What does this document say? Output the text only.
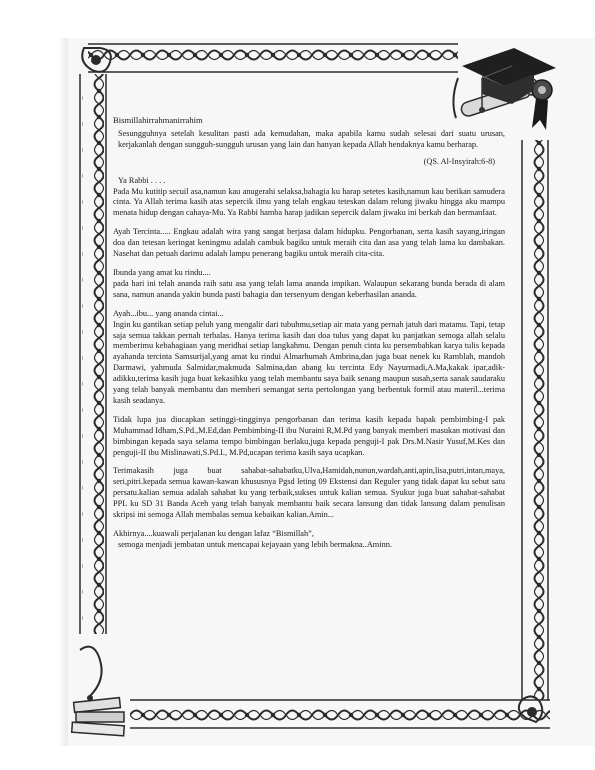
Bismillahirrahmanirrahim

Sesungguhnya setelah kesulitan pasti ada kemudahan, maka apabila kamu sudah selesai dari suatu urusan, kerjakanlah dengan sungguh-sungguh urusan yang lain dan hanyan kepada Allah hendaknya kamu berharap.

(QS. Al-Insyirah:6-8)

Ya Rabbi . . . .

Pada Mu kutitip secuil asa,namun kau anugerahi selaksa,bahagia ku harap setetes kasih,namun kau berikan samudera cinta. Ya Allah terima kasih atas sepercik ilmu yang telah engkau teteskan dalam relung jiwaku hingga aku mampu menata hidup dengan cahaya-Mu. Ya Rabbi hamba harap jadikan sepercik dalam jiwaku ini berkah dan bermanfaat.

Ayah Tercinta..... Engkau adalah wira yang sangat berjasa dalam hidupku. Pengorbanan, serta kasih sayang,iringan doa dan tetesan keringat keningmu adalah cambuk bagiku untuk meraih cita dan asa yang telah lama ku dambakan. Nasehat dan petuah darimu adalah lampu penerang bagiku untuk meraih cita-cita.

Ibunda yang amat ku rindu....

pada hari ini telah ananda raih satu asa yang telah lama ananda impikan. Walaupun sekarang bunda berada di alam sana, namun ananda yakin bunda pasti bahagia dan tersenyum dengan keberhasilan ananda.

Ayah...ibu... yang ananda cintai...

Ingin ku gantikan setiap peluh yang mengalir dari tubuhmu,setiap air mata yang pernah jatuh dari matamu. Tapi, tetap saja semua takkan pernah terbalas. Hanya terima kasih dan doa tulus yang dapat ku panjatkan semoga allah selalu memberimu kebahagiaan yang meridhai setiap langkahmu. Dengan penuh cinta ku persembahkan karya tulis kepada ayahanda tercinta Samsurijal,yang amat ku rindui Almarhumah Ambrina,dan juga buat nenek ku Ramblah, mandoh Darmawi, yahmuda Salmidar,makmuda Salmina,dan abang ku tercinta Edy Nayurmadi,A.Ma,kakak ipar,adik-adikku,terima kasih juga buat kekasihku yang telah membantu saya baik senang maupun susah,serta sanak saudaraku yang telah banyak membantu dan memberi semangat serta pertolongan yang berbentuk formil atau materil...terima kasih seadanya.

Tidak lupa jua diucapkan setinggi-tingginya pengorbanan dan terima kasih kepada bapak pembimbing-I pak Muhammad Idham,S.Pd.,M.Ed,dan Pembimbing-II ibu Nuraini R,M.Pd yang banyak memberi masukan motivasi dan bimbingan kepada saya selama tempo bimbingan berlaku,juga kepada penguji-I pak Drs.M.Nasir Yusuf,M.Kes dan penguji-II ibu Mislinawati,S.Pd.I., M.Pd,ucapan terima kasih saya ucapkan.

Terimakasih juga buat sahabat-sahabatku,Ulva,Hamidah,nunun,wardah,anti,apin,lisa,putri,intan,maya, seri,pitri.kepada semua kawan-kawan khususnya Pgsd leting 09 Ekstensi dan Reguler yang tidak dapat ku sebut satu persatu.kalian semua adalah sahabat ku yang terbaik,sukses untuk kalian semua. Syukur juga buat sahabat-sahabat PPL ku SD 31 Banda Aceh yang telah banyak membantu baik secara lansung dan tidak lansung dalam penulisan skripsi ini semoga Allah membalas semua kebaikan kalian.Amin...

Akhirnya....kuawali perjalanan ku dengan lafaz “Bismillah”,

semoga menjadi jembatan untuk mencapai kejayaan yang lebih bermakna..Aminn.
